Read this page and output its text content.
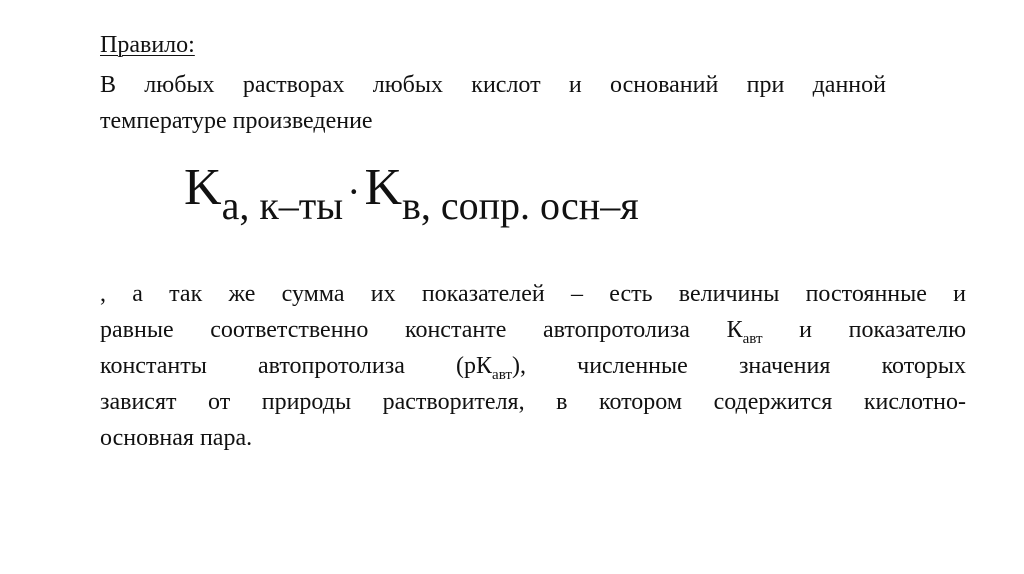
Правило:
В любых растворах любых кислот и оснований при данной
температуре произведение
Kа, к–ты ·Kв, сопр. осн–я
, а так же сумма их показателей – есть величины постоянные и
равные соответственно константе автопротолиза $К_{авт}$ и показателю
константы автопротолиза $(рК_{авт})$, численные значения которых
зависят от природы растворителя, в котором содержится кислотно-
основная пара.
